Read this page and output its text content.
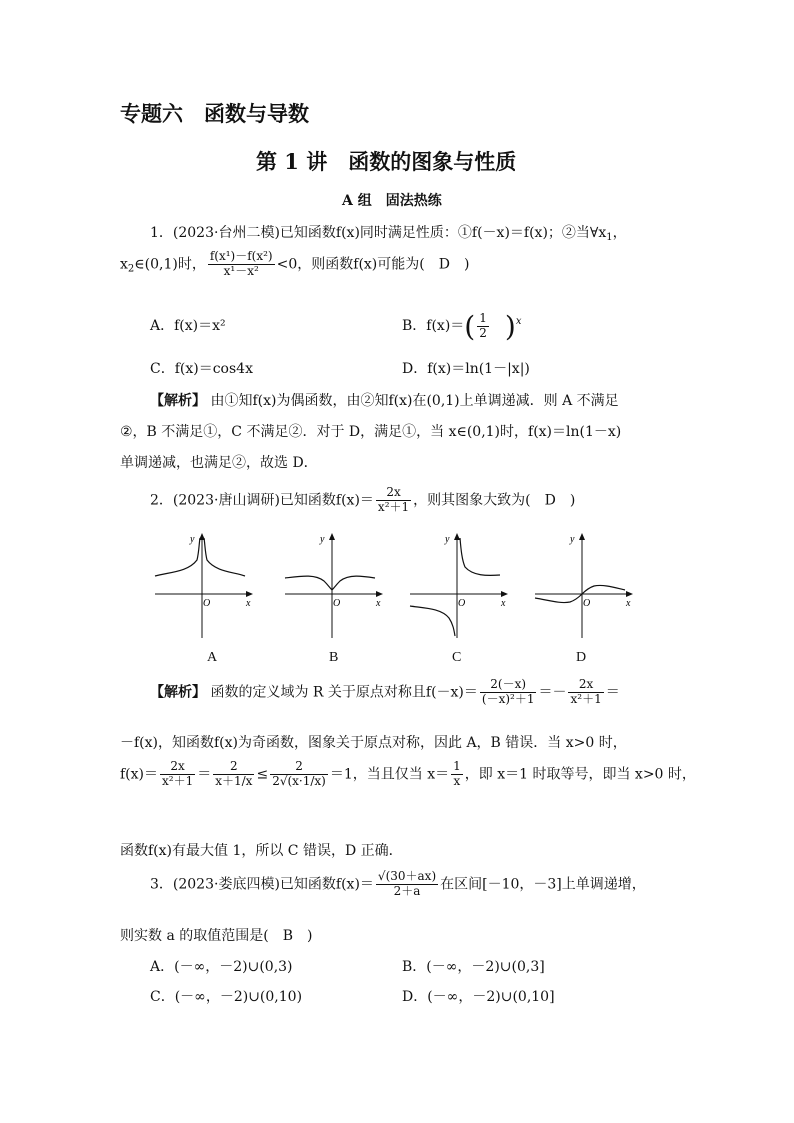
专题六　函数与导数
第 1 讲　函数的图象与性质
A 组　固法热练
1．(2023·台州二模)已知函数f(x)同时满足性质：①f(－x)＝f(x)；②当$\forall x_1$，
$x_2\in(0,1)$时， $\frac{\text{f(x¹)－f(x²)}}{\text{x¹－x²}} <0$，则函数f(x)可能为(　D　)
A．f(x)＝x²	B．$f(x)=( \frac{1}{2} )^x$
C．f(x)＝cos4x	D．f(x)＝ln(1－|x|)
【解析】 由①知f(x)为偶函数，由②知f(x)在(0,1)上单调递减．则 A 不满足
②，B 不满足①，C 不满足②．对于 D，满足①，当 x∈(0,1)时，f(x)＝ln(1－x)
单调递减，也满足②，故选 D．
2．(2023·唐山调研)已知函数$f(x)= \frac{2x}{\text{x²＋1}}$ ，则其图象大致为(　D　)
y
x
O
y
x
O
y
x
O
y
x
O
A	B	C	D
【解析】 函数的定义域为 R 关于原点对称且$f(-x)= \frac{2(-x)}{\text{(－x)²＋1}} =- \frac{2x}{\text{x²＋1}}$ ＝
－f(x)，知函数f(x)为奇函数，图象关于原点对称，因此 A，B 错误．当 x>0 时，
$f(x)= \frac{2x}{\text{x²＋1}} = \frac{2}{x+1/x} \le \frac{2}{2√(x\cdot 1/x)} =1$，当且仅当 $x= \frac{1}{x}$ ，即 x＝1 时取等号，即当 x>0 时，
函数f(x)有最大值 1，所以 C 错误，D 正确．
3．(2023·娄底四模)已知函数$f(x)= \frac{√(30+ax)}{2+a}$ 在区间[－10，－3]上单调递增，
则实数 a 的取值范围是(　B　)
A．(－∞，－2)∪(0,3)	B．(－∞，－2)∪(0,3]
C．(－∞，－2)∪(0,10)	D．(－∞，－2)∪(0,10]
